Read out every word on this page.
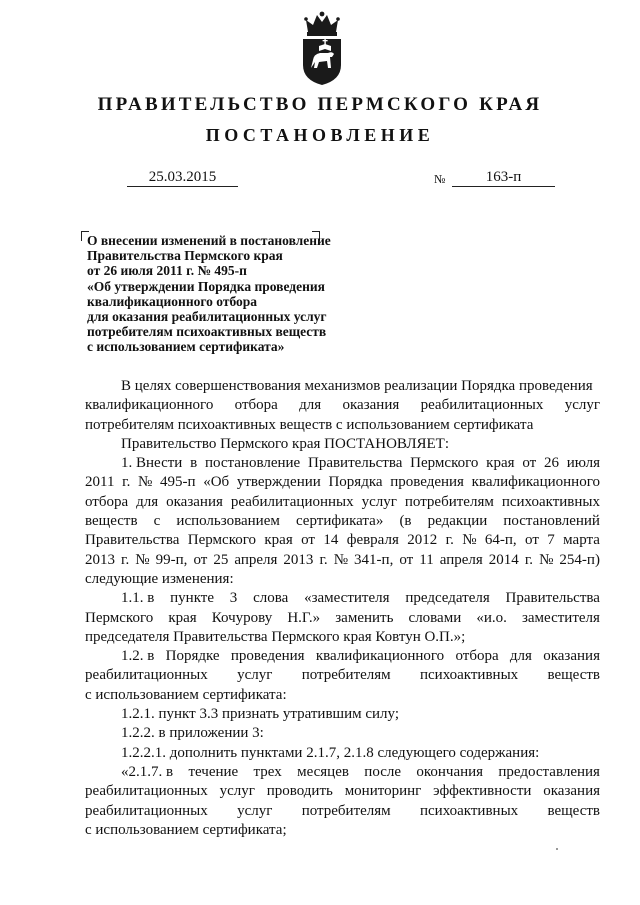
ПРАВИТЕЛЬСТВО ПЕРМСКОГО КРАЯ
ПОСТАНОВЛЕНИЕ
25.03.2015	№	163-п
О внесении изменений в постановление
Правительства Пермского края
от 26 июля 2011 г. № 495-п
«Об утверждении Порядка проведения
квалификационного отбора
для оказания реабилитационных услуг
потребителям психоактивных веществ
с использованием сертификата»
В целях совершенствования механизмов реализации Порядка проведения
квалификационного отбора для оказания реабилитационных услуг
потребителям психоактивных веществ с использованием сертификата
Правительство Пермского края ПОСТАНОВЛЯЕТ:
1. Внести в постановление Правительства Пермского края от 26 июля
2011 г. № 495-п «Об утверждении Порядка проведения квалификационного
отбора для оказания реабилитационных услуг потребителям психоактивных
веществ с использованием сертификата» (в редакции постановлений
Правительства Пермского края от 14 февраля 2012 г. № 64-п, от 7 марта
2013 г. № 99-п, от 25 апреля 2013 г. № 341-п, от 11 апреля 2014 г. № 254-п)
следующие изменения:
1.1. в пункте 3 слова «заместителя председателя Правительства
Пермского края Кочурову Н.Г.» заменить словами «и.о. заместителя
председателя Правительства Пермского края Ковтун О.П.»;
1.2. в Порядке проведения квалификационного отбора для оказания
реабилитационных услуг потребителям психоактивных веществ
с использованием сертификата:
1.2.1. пункт 3.3 признать утратившим силу;
1.2.2. в приложении 3:
1.2.2.1. дополнить пунктами 2.1.7, 2.1.8 следующего содержания:
«2.1.7. в течение трех месяцев после окончания предоставления
реабилитационных услуг проводить мониторинг эффективности оказания
реабилитационных услуг потребителям психоактивных веществ
с использованием сертификата;
